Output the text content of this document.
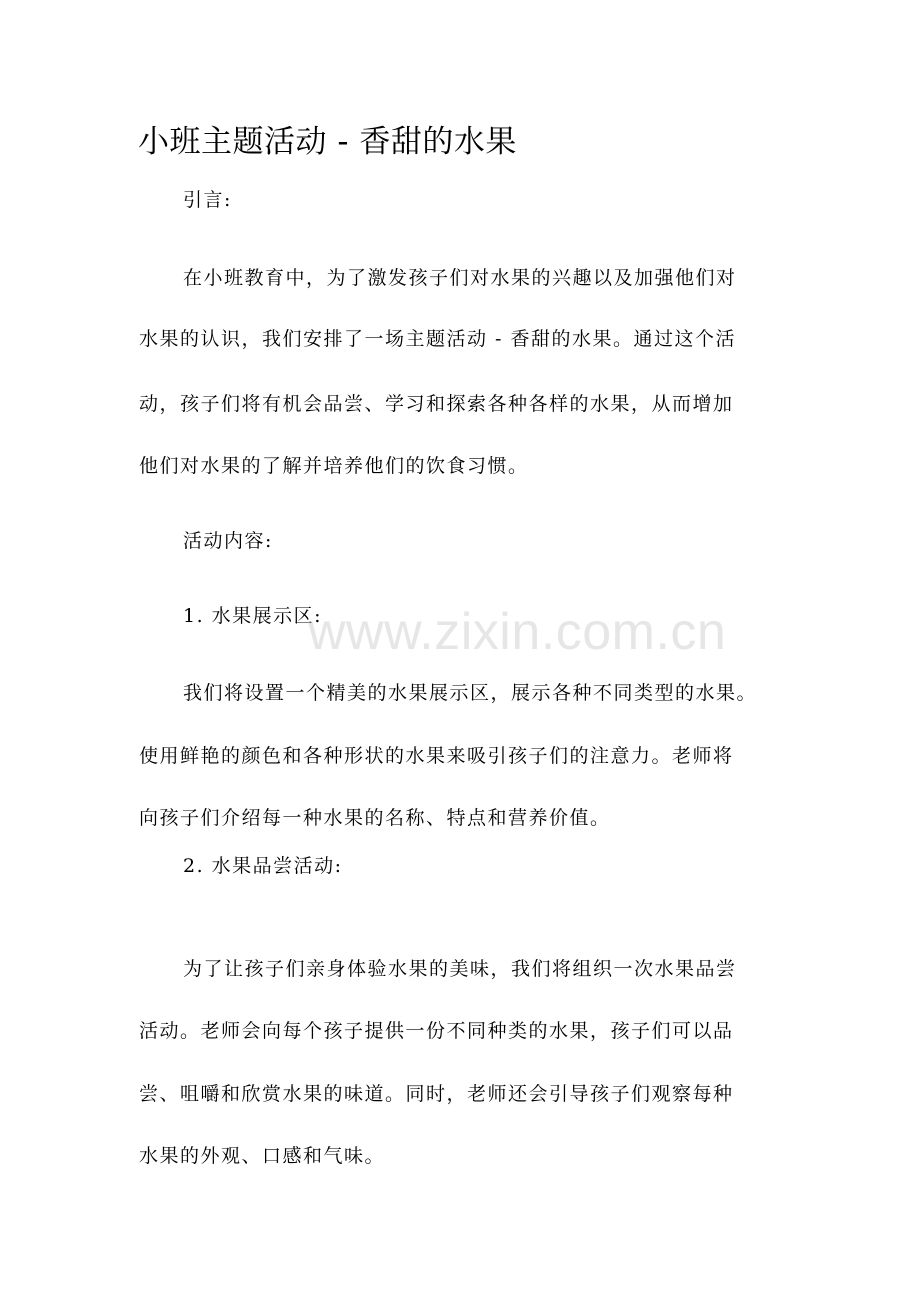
小班主题活动 - 香甜的水果
引言:
在小班教育中，为了激发孩子们对水果的兴趣以及加强他们对
水果的认识，我们安排了一场主题活动 - 香甜的水果。通过这个活
动，孩子们将有机会品尝、学习和探索各种各样的水果，从而增加
他们对水果的了解并培养他们的饮食习惯。
活动内容:
1. 水果展示区:
我们将设置一个精美的水果展示区，展示各种不同类型的水果。
使用鲜艳的颜色和各种形状的水果来吸引孩子们的注意力。老师将
向孩子们介绍每一种水果的名称、特点和营养价值。
2. 水果品尝活动:
为了让孩子们亲身体验水果的美味，我们将组织一次水果品尝
活动。老师会向每个孩子提供一份不同种类的水果，孩子们可以品
尝、咀嚼和欣赏水果的味道。同时，老师还会引导孩子们观察每种
水果的外观、口感和气味。
www.zixin.com.cn
